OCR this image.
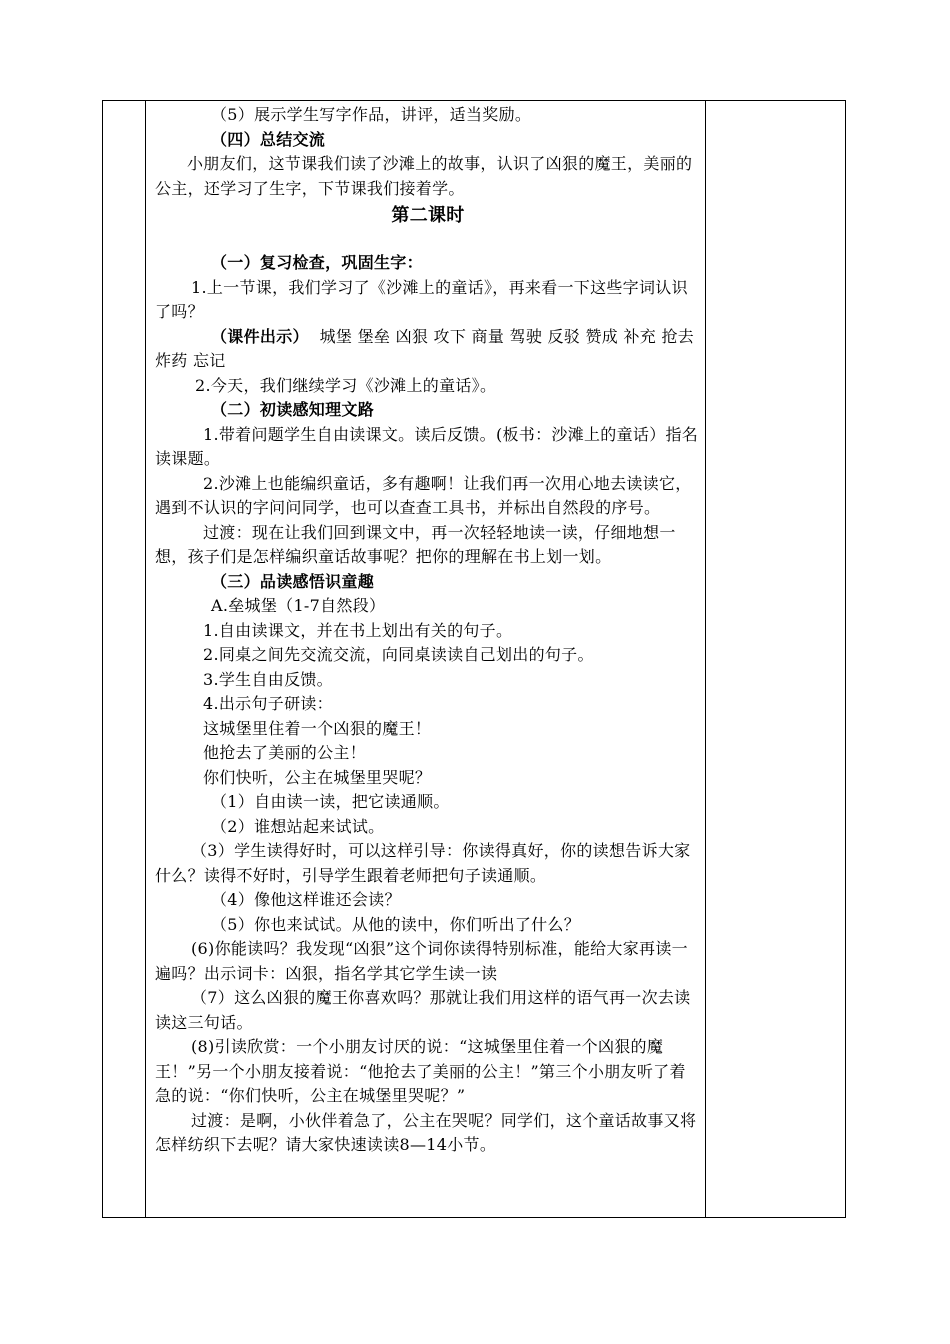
（5）展示学生写字作品，讲评，适当奖励。

（四）总结交流

小朋友们，这节课我们读了沙滩上的故事，认识了凶狠的魔王，美丽的公主，还学习了生字，下节课我们接着学。

第二课时

（一）复习检查，巩固生字：

1.上一节课，我们学习了《沙滩上的童话》，再来看一下这些字词认识了吗？

（课件出示） 城堡 堡垒 凶狠 攻下 商量 驾驶 反驳 赞成 补充 抢去 炸药 忘记

2.今天，我们继续学习《沙滩上的童话》。

（二）初读感知理文路

1.带着问题学生自由读课文。读后反馈。(板书：沙滩上的童话）指名读课题。

2.沙滩上也能编织童话，多有趣啊！让我们再一次用心地去读读它，遇到不认识的字问问同学，也可以查查工具书，并标出自然段的序号。

过渡：现在让我们回到课文中，再一次轻轻地读一读，仔细地想一想，孩子们是怎样编织童话故事呢？把你的理解在书上划一划。

（三）品读感悟识童趣

A.垒城堡（1-7自然段）

1.自由读课文，并在书上划出有关的句子。

2.同桌之间先交流交流，向同桌读读自己划出的句子。

3.学生自由反馈。

4.出示句子研读：

这城堡里住着一个凶狠的魔王！

他抢去了美丽的公主！

你们快听，公主在城堡里哭呢？

（1）自由读一读，把它读通顺。

（2）谁想站起来试试。

（3）学生读得好时，可以这样引导：你读得真好，你的读想告诉大家什么？读得不好时，引导学生跟着老师把句子读通顺。

（4）像他这样谁还会读？

（5）你也来试试。从他的读中，你们听出了什么？

(6)你能读吗？我发现“凶狠”这个词你读得特别标准，能给大家再读一遍吗？出示词卡：凶狠，指名学其它学生读一读

（7）这么凶狠的魔王你喜欢吗？那就让我们用这样的语气再一次去读读这三句话。

(8)引读欣赏：一个小朋友讨厌的说：“这城堡里住着一个凶狠的魔王！”另一个小朋友接着说：“他抢去了美丽的公主！”第三个小朋友听了着急的说：“你们快听，公主在城堡里哭呢？”

过渡：是啊，小伙伴着急了，公主在哭呢？同学们，这个童话故事又将怎样纺织下去呢？请大家快速读读8—14小节。
